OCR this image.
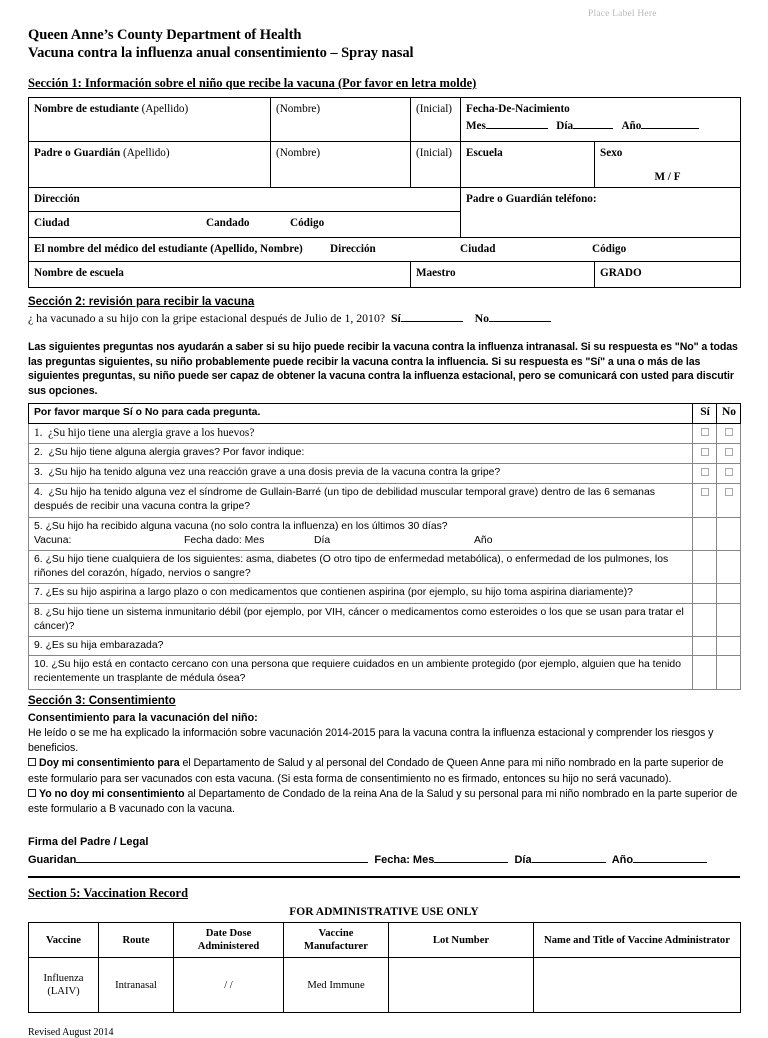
Place Label Here
Queen Anne’s County Department of Health
Vacuna contra la influenza anual consentimiento – Spray nasal
Sección 1: Información sobre el niño que recibe la vacuna (Por favor en letra molde)
Nombre de estudiante (Apellido)	(Nombre)	(Inicial)	Fecha-De-Nacimiento
Mes Día Año	

Padre o Guardián (Apellido)	(Nombre)	(Inicial)	Escuela	Sexo
M / F

Dirección			Padre o Guardián teléfono:	

Ciudad Candado Código				

El nombre del médico del estudiante (Apellido, Nombre) Dirección Ciudad Código				

Nombre de escuela		Maestro		GRADO
Sección 2: revisión para recibir la vacuna
¿ ha vacunado a su hijo con la gripe estacional después de Julio de 1, 2010? Sí	No

Las siguientes preguntas nos ayudarán a saber si su hijo puede recibir la vacuna contra la influenza intranasal. Si su respuesta es "No" a todas las preguntas siguientes, su niño probablemente puede recibir la vacuna contra la influencia. Si su respuesta es "Sí" a una o más de las siguientes preguntas, su niño puede ser capaz de obtener la vacuna contra la influenza estacional, pero se comunicará con usted para discutir sus opciones.

Por favor marque Sí o No para cada pregunta.	Sí	No
1. ¿Su hijo tiene una alergia grave a los huevos?		
2. ¿Su hijo tiene alguna alergia graves? Por favor indique:		
3. ¿Su hijo ha tenido alguna vez una reacción grave a una dosis previa de la vacuna contra la gripe?		
4. ¿Su hijo ha tenido alguna vez el síndrome de Gullain-Barré (un tipo de debilidad muscular temporal grave) dentro de las 6 semanas después de recibir una vacuna contra la gripe?		
5. ¿Su hijo ha recibido alguna vacuna (no solo contra la influenza) en los últimos 30 días?
Vacuna: Fecha dado: Mes Día Año		

6. ¿Su hijo tiene cualquiera de los siguientes: asma, diabetes (O otro tipo de enfermedad metabólica), o enfermedad de los pulmones, los riñones del corazón, hígado, nervios o sangre?		
7. ¿Es su hijo aspirina a largo plazo o con medicamentos que contienen aspirina (por ejemplo, su hijo toma aspirina diariamente)?		
8. ¿Su hijo tiene un sistema inmunitario débil (por ejemplo, por VIH, cáncer o medicamentos como esteroides o los que se usan para tratar el cáncer)?		
9. ¿Es su hija embarazada?		
10. ¿Su hijo está en contacto cercano con una persona que requiere cuidados en un ambiente protegido (por ejemplo, alguien que ha tenido recientemente un trasplante de médula ósea?		
Sección 3: Consentimiento
Consentimiento para la vacunación del niño:

He leído o se me ha explicado la información sobre vacunación 2014-2015 para la vacuna contra la influenza estacional y comprender los riesgos y beneficios.

Doy mi consentimiento para el Departamento de Salud y al personal del Condado de Queen Anne para mi niño nombrado en la parte superior de este formulario para ser vacunados con esta vacuna. (Si esta forma de consentimiento no es firmado, entonces su hijo no será vacunado).

Yo no doy mi consentimiento al Departamento de Condado de la reina Ana de la Salud y su personal para mi niño nombrado en la parte superior de este formulario a B vacunado con la vacuna.

Firma del Padre / Legal
Guaridan	Fecha: Mes	Día	Año
Section 5: Vaccination Record
FOR ADMINISTRATIVE USE ONLY
Vaccine	Route	Date Dose Administered	Vaccine Manufacturer	Lot Number	Name and Title of Vaccine Administrator
Influenza (LAIV)	Intranasal	/ /	Med Immune		
Revised August 2014
